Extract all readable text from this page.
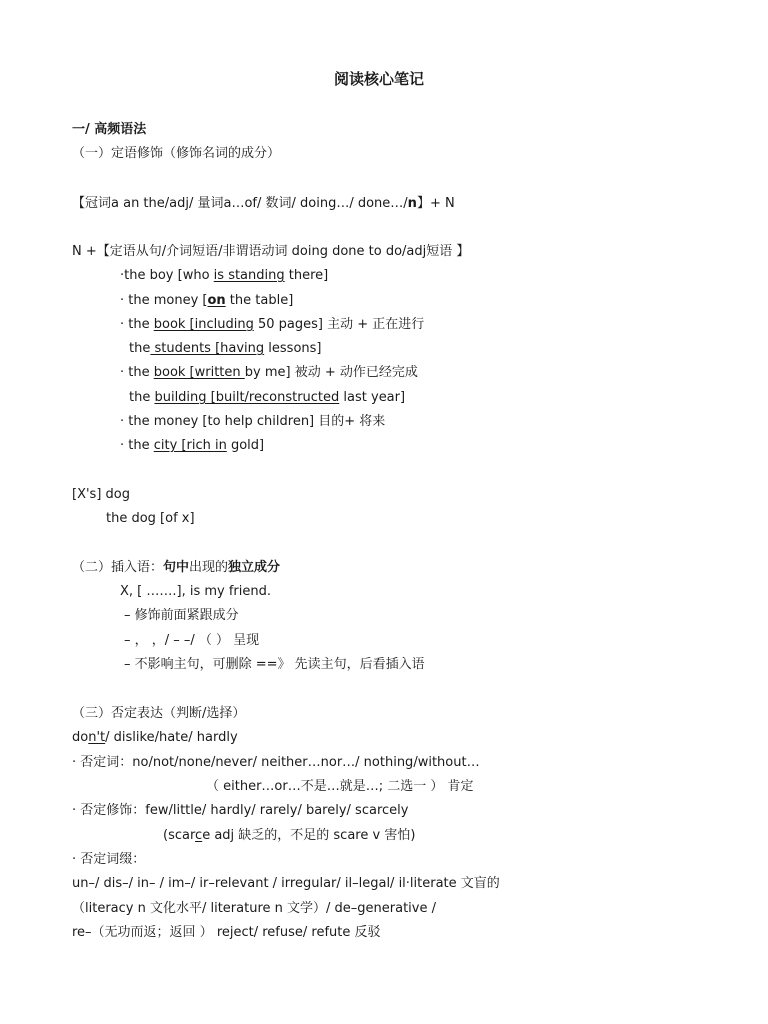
阅读核心笔记
一/ 高频语法
（一）定语修饰（修饰名词的成分）
【冠词a an the/adj/ 量词a…of/ 数词/ doing…/ done…/n】+ N
N +【定语从句/介词短语/非谓语动词 doing done to do/adj短语 】
·the boy [who is standing there]
· the money [on the table]
· the book [including 50 pages] 主动 + 正在进行
the students [having lessons]
· the book [written by me] 被动 + 动作已经完成
the building [built/reconstructed last year]
· the money [to help children] 目的+ 将来
· the city [rich in gold]
[X's] dog
the dog [of x]
（二）插入语：句中出现的独立成分
X, [ …….], is my friend.
– 修饰前面紧跟成分
– ， ，/ – –/ （ ） 呈现
– 不影响主句，可删除 ==》 先读主句，后看插入语
（三）否定表达（判断/选择）
don't/ dislike/hate/ hardly
· 否定词：no/not/none/never/ neither…nor…/ nothing/without…
（ either…or…不是…就是…; 二选一 ） 肯定
· 否定修饰：few/little/ hardly/ rarely/ barely/ scarcely
(scarce adj 缺乏的，不足的 scare v 害怕)
· 否定词缀：
un–/ dis–/ in– / im–/ ir–relevant / irregular/ il–legal/ il·literate 文盲的
（literacy n 文化水平/ literature n 文学）/ de–generative /
re–（无功而返；返回 ） reject/ refuse/ refute 反驳
